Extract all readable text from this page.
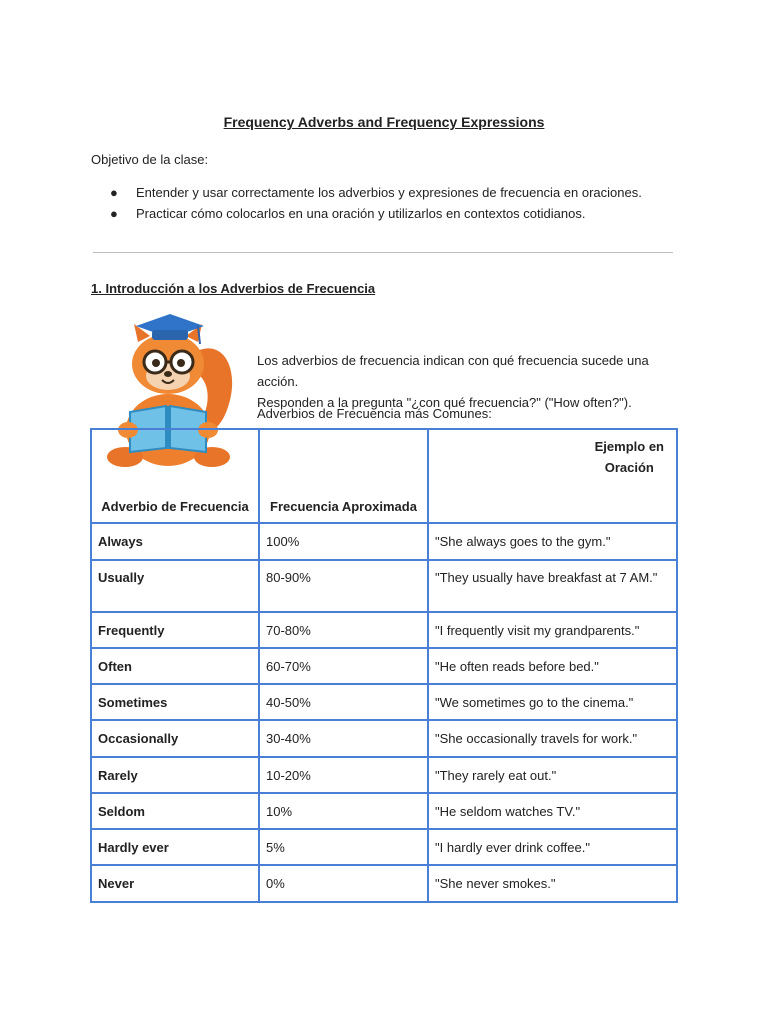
Frequency Adverbs and Frequency Expressions
Objetivo de la clase:
● Entender y usar correctamente los adverbios y expresiones de frecuencia en oraciones.
● Practicar cómo colocarlos en una oración y utilizarlos en contextos cotidianos.
1. Introducción a los Adverbios de Frecuencia
Los adverbios de frecuencia indican con qué frecuencia sucede una acción.
Responden a la pregunta "¿con qué frecuencia?" ("How often?").
Adverbios de Frecuencia más Comunes:
Adverbio de Frecuencia	Frecuencia Aproximada	Ejemplo en
Oración
Always	100%	"She always goes to the gym."
Usually	80-90%	"They usually have breakfast at 7 AM."
Frequently	70-80%	"I frequently visit my grandparents."
Often	60-70%	"He often reads before bed."
Sometimes	40-50%	"We sometimes go to the cinema."
Occasionally	30-40%	"She occasionally travels for work."
Rarely	10-20%	"They rarely eat out."
Seldom	10%	"He seldom watches TV."
Hardly ever	5%	"I hardly ever drink coffee."
Never	0%	"She never smokes."
